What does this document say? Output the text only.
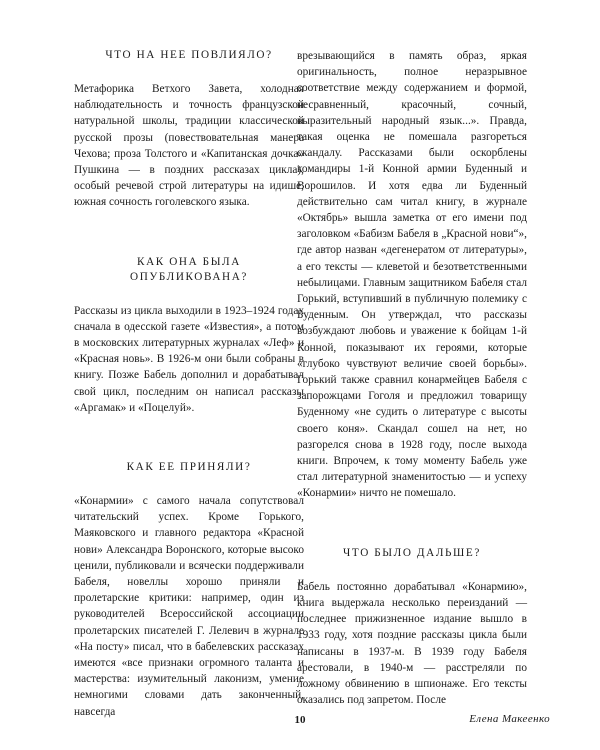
ЧТО НА НЕЕ ПОВЛИЯЛО?

Метафорика Ветхого Завета, холодная наблюдательность и точность французской натуральной школы, традиции классической русской прозы (повествовательная манера Чехова; проза Толстого и «Капитанская дочка» Пушкина — в поздних рассказах цикла), особый речевой строй литературы на идише, южная сочность гоголевского языка.

КАК ОНА БЫЛА
ОПУБЛИКОВАНА?

Рассказы из цикла выходили в 1923–1924 годах сначала в одесской газете «Известия», а потом в московских литературных журналах «Леф» и «Красная новь». В 1926-м они были собраны в книгу. Позже Бабель дополнил и дорабатывал свой цикл, последним он написал рассказы «Аргамак» и «Поцелуй».

КАК ЕЕ ПРИНЯЛИ?

«Конармии» с самого начала сопутствовал читательский успех. Кроме Горького, Маяковского и главного редактора «Красной нови» Александра Воронского, которые высоко ценили, публиковали и всячески поддерживали Бабеля, новеллы хорошо приняли и пролетарские критики: например, один из руководителей Всероссийской ассоциации пролетарских писателей Г. Лелевич в журнале «На посту» писал, что в бабелевских рассказах имеются «все признаки огромного таланта и мастерства: изумительный лаконизм, умение немногими словами дать законченный, навсегда

врезывающийся в память образ, яркая оригинальность, полное неразрывное соответствие между содержанием и формой, несравненный, красочный, сочный, выразительный народный язык...». Правда, такая оценка не помешала разгореться скандалу. Рассказами были оскорблены командиры 1-й Конной армии Буденный и Ворошилов. И хотя едва ли Буденный действительно сам читал книгу, в журнале «Октябрь» вышла заметка от его имени под заголовком «Бабизм Бабеля в „Красной нови“», где автор назван «дегенератом от литературы», а его тексты — клеветой и безответственными небылицами. Главным защитником Бабеля стал Горький, вступивший в публичную полемику с Буденным. Он утверждал, что рассказы возбуждают любовь и уважение к бойцам 1-й Конной, показывают их героями, которые «глубоко чувствуют величие своей борьбы». Горький также сравнил конармейцев Бабеля с запорожцами Гоголя и предложил товарищу Буденному «не судить о литературе с высоты своего коня». Скандал сошел на нет, но разгорелся снова в 1928 году, после выхода книги. Впрочем, к тому моменту Бабель уже стал литературной знаменитостью — и успеху «Конармии» ничто не помешало.

ЧТО БЫЛО ДАЛЬШЕ?

Бабель постоянно дорабатывал «Конармию», книга выдержала несколько переизданий — последнее прижизненное издание вышло в 1933 году, хотя поздние рассказы цикла были написаны в 1937-м. В 1939 году Бабеля арестовали, в 1940-м — расстреляли по ложному обвинению в шпионаже. Его тексты оказались под запретом. После

10	Елена Макеенко
